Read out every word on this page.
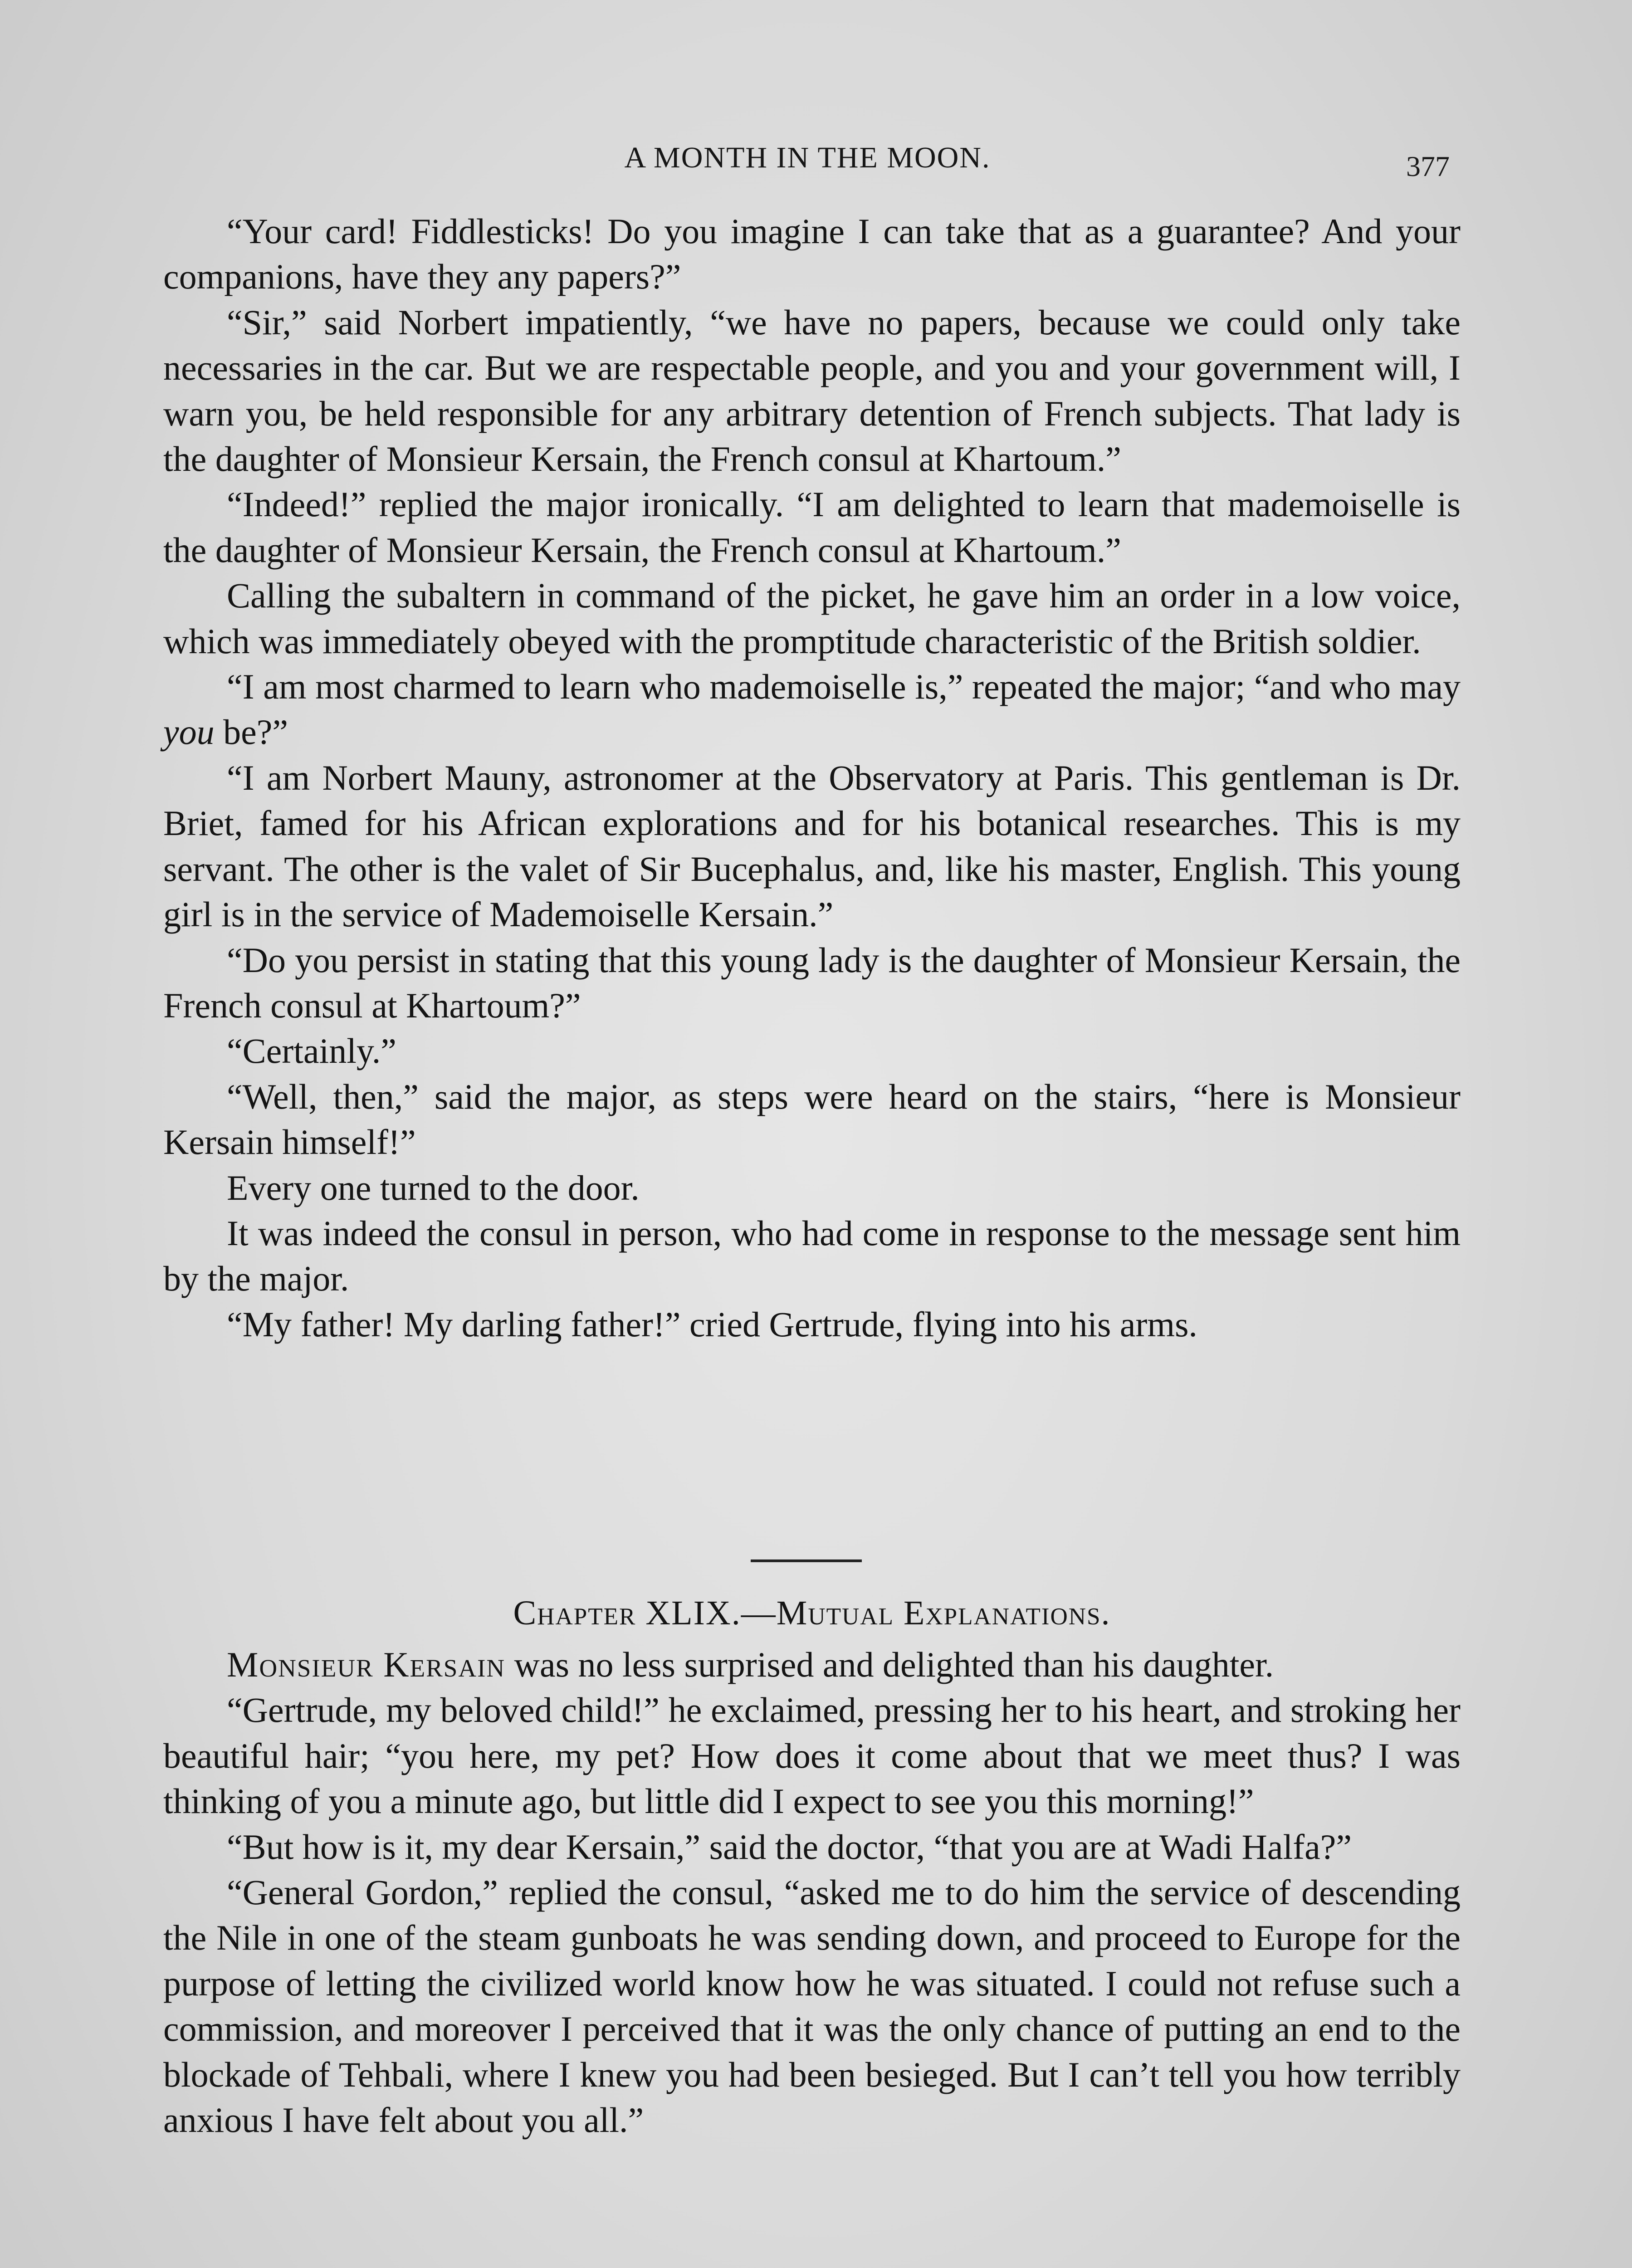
A MONTH IN THE MOON.	377

“Your card! Fiddlesticks! Do you imagine I can take that as a guarantee? And your companions, have they any papers?”

“Sir,” said Norbert impatiently, “we have no papers, because we could only take necessaries in the car. But we are respectable people, and you and your government will, I warn you, be held responsible for any arbitrary detention of French subjects. That lady is the daughter of Monsieur Kersain, the French consul at Khartoum.”

“Indeed!” replied the major ironically. “I am delighted to learn that mademoiselle is the daughter of Monsieur Kersain, the French consul at Khartoum.”

Calling the subaltern in command of the picket, he gave him an order in a low voice, which was immediately obeyed with the promptitude characteristic of the British soldier.

“I am most charmed to learn who mademoiselle is,” repeated the major; “and who may you be?”

“I am Norbert Mauny, astronomer at the Observatory at Paris. This gentleman is Dr. Briet, famed for his African explorations and for his botanical researches. This is my servant. The other is the valet of Sir Bucephalus, and, like his master, English. This young girl is in the service of Mademoiselle Kersain.”

“Do you persist in stating that this young lady is the daughter of Monsieur Kersain, the French consul at Khartoum?”

“Certainly.”

“Well, then,” said the major, as steps were heard on the stairs, “here is Monsieur Kersain himself!”

Every one turned to the door.

It was indeed the consul in person, who had come in response to the message sent him by the major.

“My father! My darling father!” cried Gertrude, flying into his arms.

Chapter XLIX.—Mutual Explanations.

Monsieur Kersain was no less surprised and delighted than his daughter.

“Gertrude, my beloved child!” he exclaimed, pressing her to his heart, and stroking her beautiful hair; “you here, my pet? How does it come about that we meet thus? I was thinking of you a minute ago, but little did I expect to see you this morning!”

“But how is it, my dear Kersain,” said the doctor, “that you are at Wadi Halfa?”

“General Gordon,” replied the consul, “asked me to do him the service of descending the Nile in one of the steam gunboats he was sending down, and proceed to Europe for the purpose of letting the civilized world know how he was situated. I could not refuse such a commission, and moreover I perceived that it was the only chance of putting an end to the blockade of Tehbali, where I knew you had been besieged. But I can’t tell you how terribly anxious I have felt about you all.”
